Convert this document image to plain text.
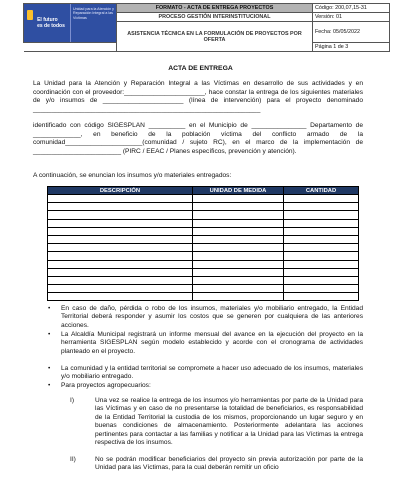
El futuro
es de todos
Unidad para la Atención y Reparación Integral a las Víctimas	FORMATO - ACTA DE ENTREGA PROYECTOS	Código: 200,07,15-31
	PROCESO GESTIÓN INTERINSTITUCIONAL	Versión: 01
	ASISTENCIA TÉCNICA EN LA FORMULACIÓN DE PROYECTOS POR OFERTA	Fecha: 05/05/2022
		Página 1 de 3
ACTA DE ENTREGA
La Unidad para la Atención y Reparación Integral a las Víctimas en desarrollo de sus actividades y en coordinación con el proveedor:______________________, hace constar la entrega de los siguientes materiales de y/o insumos de ______________________ (línea de intervención) para el proyecto denominado ______________________________________________________________
identificado con código SIGESPLAN __________ en el Municipio de _______________ Departamento de _____________, en beneficio de la población víctima del conflicto armado de la comunidad_____________________(comunidad / sujeto RC), en el marco de la implementación de ________________________ (PIRC / EEAC / Planes específicos, prevención y atención).
A continuación, se enuncian los insumos y/o materiales entregados:
DESCRIPCIÓN	UNIDAD DE MEDIDA	CANTIDAD

• En caso de daño, pérdida o robo de los insumos, materiales y/o mobiliario entregado, la Entidad Territorial deberá responder y asumir los costos que se generen por cualquiera de las anteriores acciones.
• La Alcaldía Municipal registrará un informe mensual del avance en la ejecución del proyecto en la herramienta SIGESPLAN según modelo establecido y acorde con el cronograma de actividades planteado en el proyecto.
• La comunidad y la entidad territorial se compromete a hacer uso adecuado de los insumos, materiales y/o mobiliario entregado.
• Para proyectos agropecuarios:
I)	Una vez se realice la entrega de los insumos y/o herramientas por parte de la Unidad para las Víctimas y en caso de no presentarse la totalidad de beneficiarios, es responsabilidad de la Entidad Territorial la custodia de los mismos, proporcionando un lugar seguro y en buenas condiciones de almacenamiento. Posteriormente adelantara las acciones pertinentes para contactar a las familias y notificar a la Unidad para las Víctimas la entrega respectiva de los insumos.
II)	No se podrán modificar beneficiarios del proyecto sin previa autorización por parte de la Unidad para las Víctimas, para la cual deberán remitir un oficio
